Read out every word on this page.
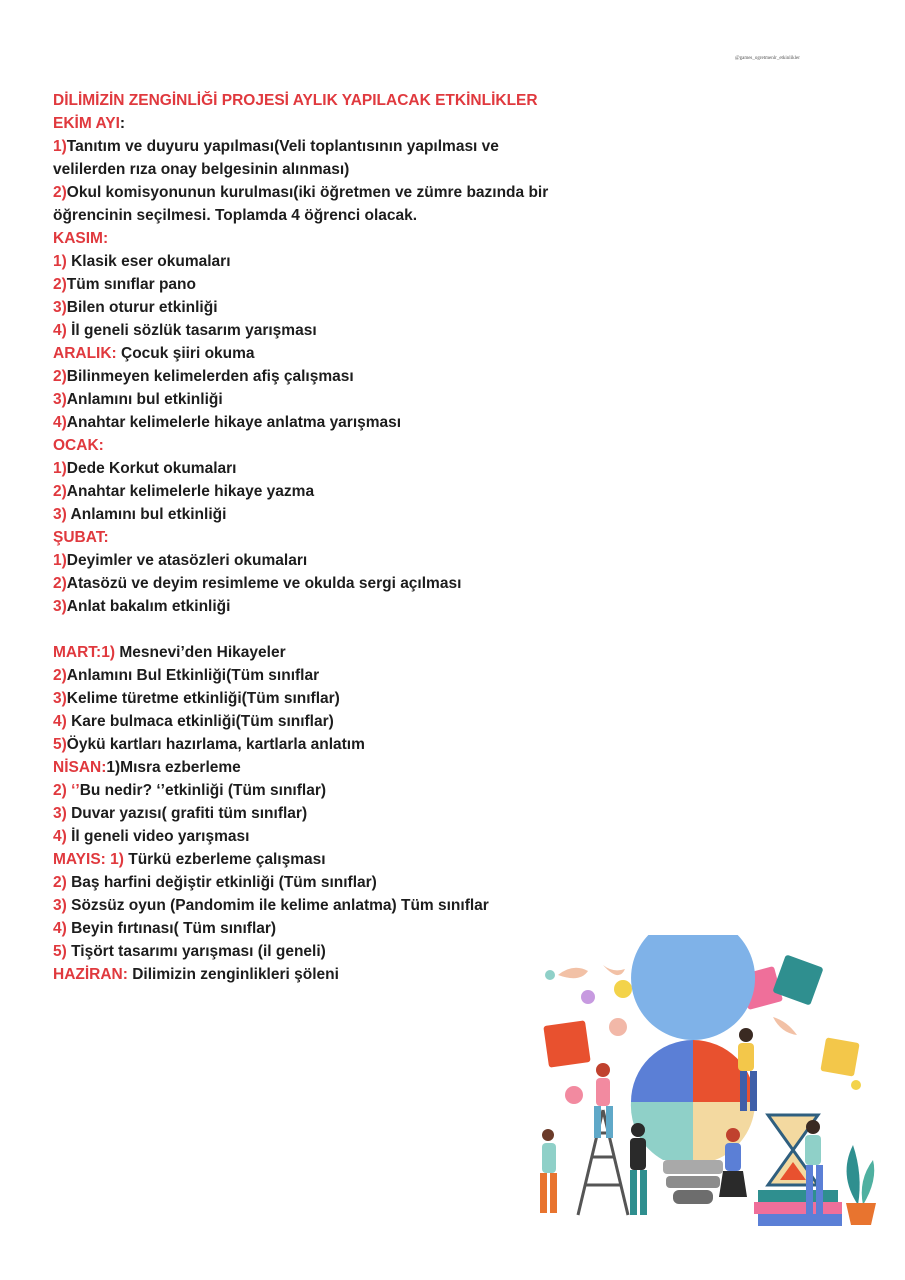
@games_ogretmenlr_etkinlikler

DİLİMİZİN ZENGİNLİĞİ PROJESİ AYLIK YAPILACAK ETKİNLİKLER

EKİM AYI:

1)Tanıtım ve duyuru yapılması(Veli toplantısının yapılması ve velilerden rıza onay belgesinin alınması)

2)Okul komisyonunun kurulması(iki öğretmen ve zümre bazında bir öğrencinin seçilmesi. Toplamda 4 öğrenci olacak.

KASIM:

1) Klasik eser okumaları

2)Tüm sınıflar pano

3)Bilen oturur etkinliği

4) İl geneli sözlük tasarım yarışması

ARALIK: Çocuk şiiri okuma

2)Bilinmeyen kelimelerden afiş çalışması

3)Anlamını bul etkinliği

4)Anahtar kelimelerle hikaye anlatma yarışması

OCAK:

1)Dede Korkut okumaları

2)Anahtar kelimelerle hikaye yazma

3) Anlamını bul etkinliği

ŞUBAT:

1)Deyimler ve atasözleri okumaları

2)Atasözü ve deyim resimleme ve okulda sergi açılması

3)Anlat bakalım etkinliği

MART:1) Mesnevi’den Hikayeler

2)Anlamını Bul Etkinliği(Tüm sınıflar

3)Kelime türetme etkinliği(Tüm sınıflar)

4) Kare bulmaca etkinliği(Tüm sınıflar)

5)Öykü kartları hazırlama, kartlarla anlatım

NİSAN:1)Mısra ezberleme

2) ‘’Bu nedir? ‘’etkinliği (Tüm sınıflar)

3) Duvar yazısı( grafiti tüm sınıflar)

4) İl geneli video yarışması

MAYIS: 1) Türkü ezberleme çalışması

2) Baş harfini değiştir etkinliği (Tüm sınıflar)

3) Sözsüz oyun (Pandomim ile kelime anlatma) Tüm sınıflar

4) Beyin fırtınası( Tüm sınıflar)

5) Tişört tasarımı yarışması (il geneli)

HAZİRAN: Dilimizin zenginlikleri şöleni
